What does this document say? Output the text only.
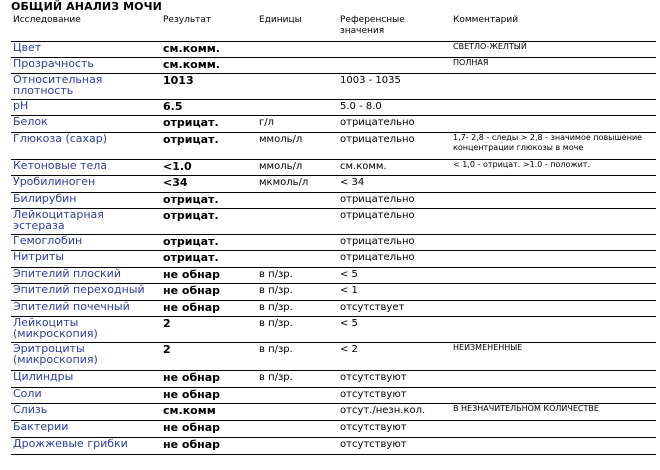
ОБЩИЙ АНАЛИЗ МОЧИ
Исследование	Результат	Единицы	Референсные значения	Комментарий
Цвет	см.комм.			СВЕТЛО-ЖЕЛТЫЙ
Прозрачность	см.комм.			ПОЛНАЯ
Относительная плотность	1013		1003 - 1035	
pH	6.5		5.0 - 8.0	
Белок	отрицат.	г/л	отрицательно	
Глюкоза (сахар)	отрицат.	ммоль/л	отрицательно	1,7- 2,8 - следы > 2,8 - значимое повышение концентрации глюкозы в моче
Кетоновые тела	<1.0	ммоль/л	см.комм.	< 1,0 - отрицат. >1.0 - положит.
Уробилиноген	<34	мкмоль/л	< 34	
Билирубин	отрицат.		отрицательно	
Лейкоцитарная эстераза	отрицат.		отрицательно	
Гемоглобин	отрицат.		отрицательно	
Нитриты	отрицат.		отрицательно	
Эпителий плоский	не обнар	в п/зр.	< 5	
Эпителий переходный	не обнар	в п/зр.	< 1	
Эпителий почечный	не обнар	в п/зр.	отсутствует	
Лейкоциты (микроскопия)	2	в п/зр.	< 5	
Эритроциты (микроскопия)	2	в п/зр.	< 2	НЕИЗМЕНЕННЫЕ
Цилиндры	не обнар	в п/зр.	отсутствуют	
Соли	не обнар		отсутствуют	
Слизь	см.комм		отсут./незн.кол.	В НЕЗНАЧИТЕЛЬНОМ КОЛИЧЕСТВЕ
Бактерии	не обнар		отсутствуют	
Дрожжевые грибки	не обнар		отсутствуют	
